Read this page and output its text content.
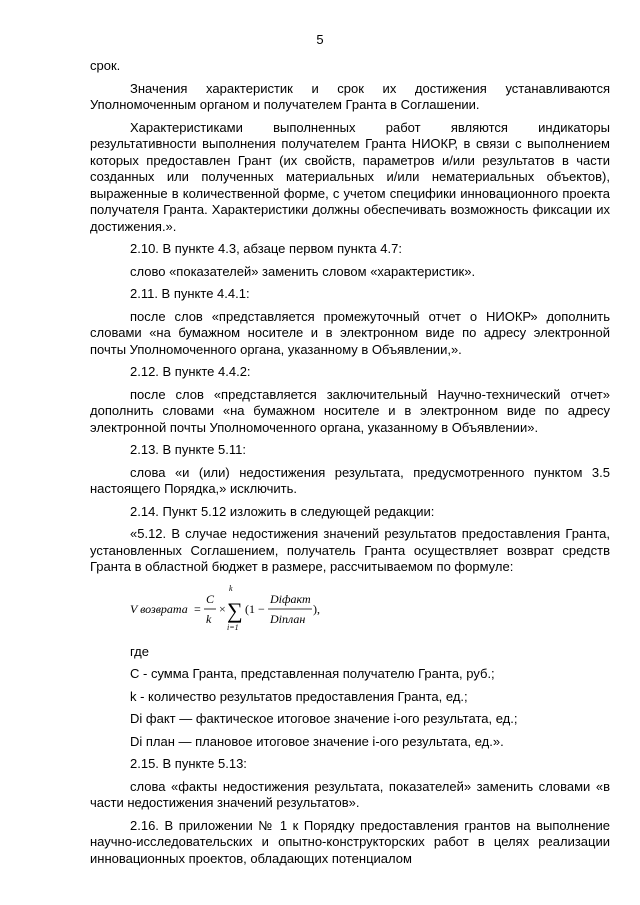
5

срок.

Значения характеристик и срок их достижения устанавливаются Уполномоченным органом и получателем Гранта в Соглашении.

Характеристиками выполненных работ являются индикаторы результативности выполнения получателем Гранта НИОКР, в связи с выполнением которых предоставлен Грант (их свойств, параметров и/или результатов в части созданных или полученных материальных и/или нематериальных объектов), выраженные в количественной форме, с учетом специфики инновационного проекта получателя Гранта. Характеристики должны обеспечивать возможность фиксации их достижения.».

2.10. В пункте 4.3, абзаце первом пункта 4.7:

слово «показателей» заменить словом «характеристик».

2.11. В пункте 4.4.1:

после слов «представляется промежуточный отчет о НИОКР» дополнить словами «на бумажном носителе и в электронном виде по адресу электронной почты Уполномоченного органа, указанному в Объявлении,».

2.12. В пункте 4.4.2:

после слов «представляется заключительный Научно-технический отчет» дополнить словами «на бумажном носителе и в электронном виде по адресу электронной почты Уполномоченного органа, указанному в Объявлении».

2.13. В пункте 5.11:

слова «и (или) недостижения результата, предусмотренного пунктом 3.5 настоящего Порядка,» исключить.

2.14. Пункт 5.12 изложить в следующей редакции:

«5.12. В случае недостижения значений результатов предоставления Гранта, установленных Соглашением, получатель Гранта осуществляет возврат средств Гранта в областной бюджет в размере, рассчитываемом по формуле:

V возврата =
C
k
×
k
∑
i=1
(1 −
Diфакт
Diплан
),

где

С - сумма Гранта, представленная получателю Гранта, руб.;

k - количество результатов предоставления Гранта, ед.;

Di факт — фактическое итоговое значение i-ого результата, ед.;

Di план — плановое итоговое значение i-ого результата, ед.».

2.15. В пункте 5.13:

слова «факты недостижения результата, показателей» заменить словами «в части недостижения значений результатов».

2.16. В приложении № 1 к Порядку предоставления грантов на выполнение научно-исследовательских и опытно-конструкторских работ в целях реализации инновационных проектов, обладающих потенциалом
